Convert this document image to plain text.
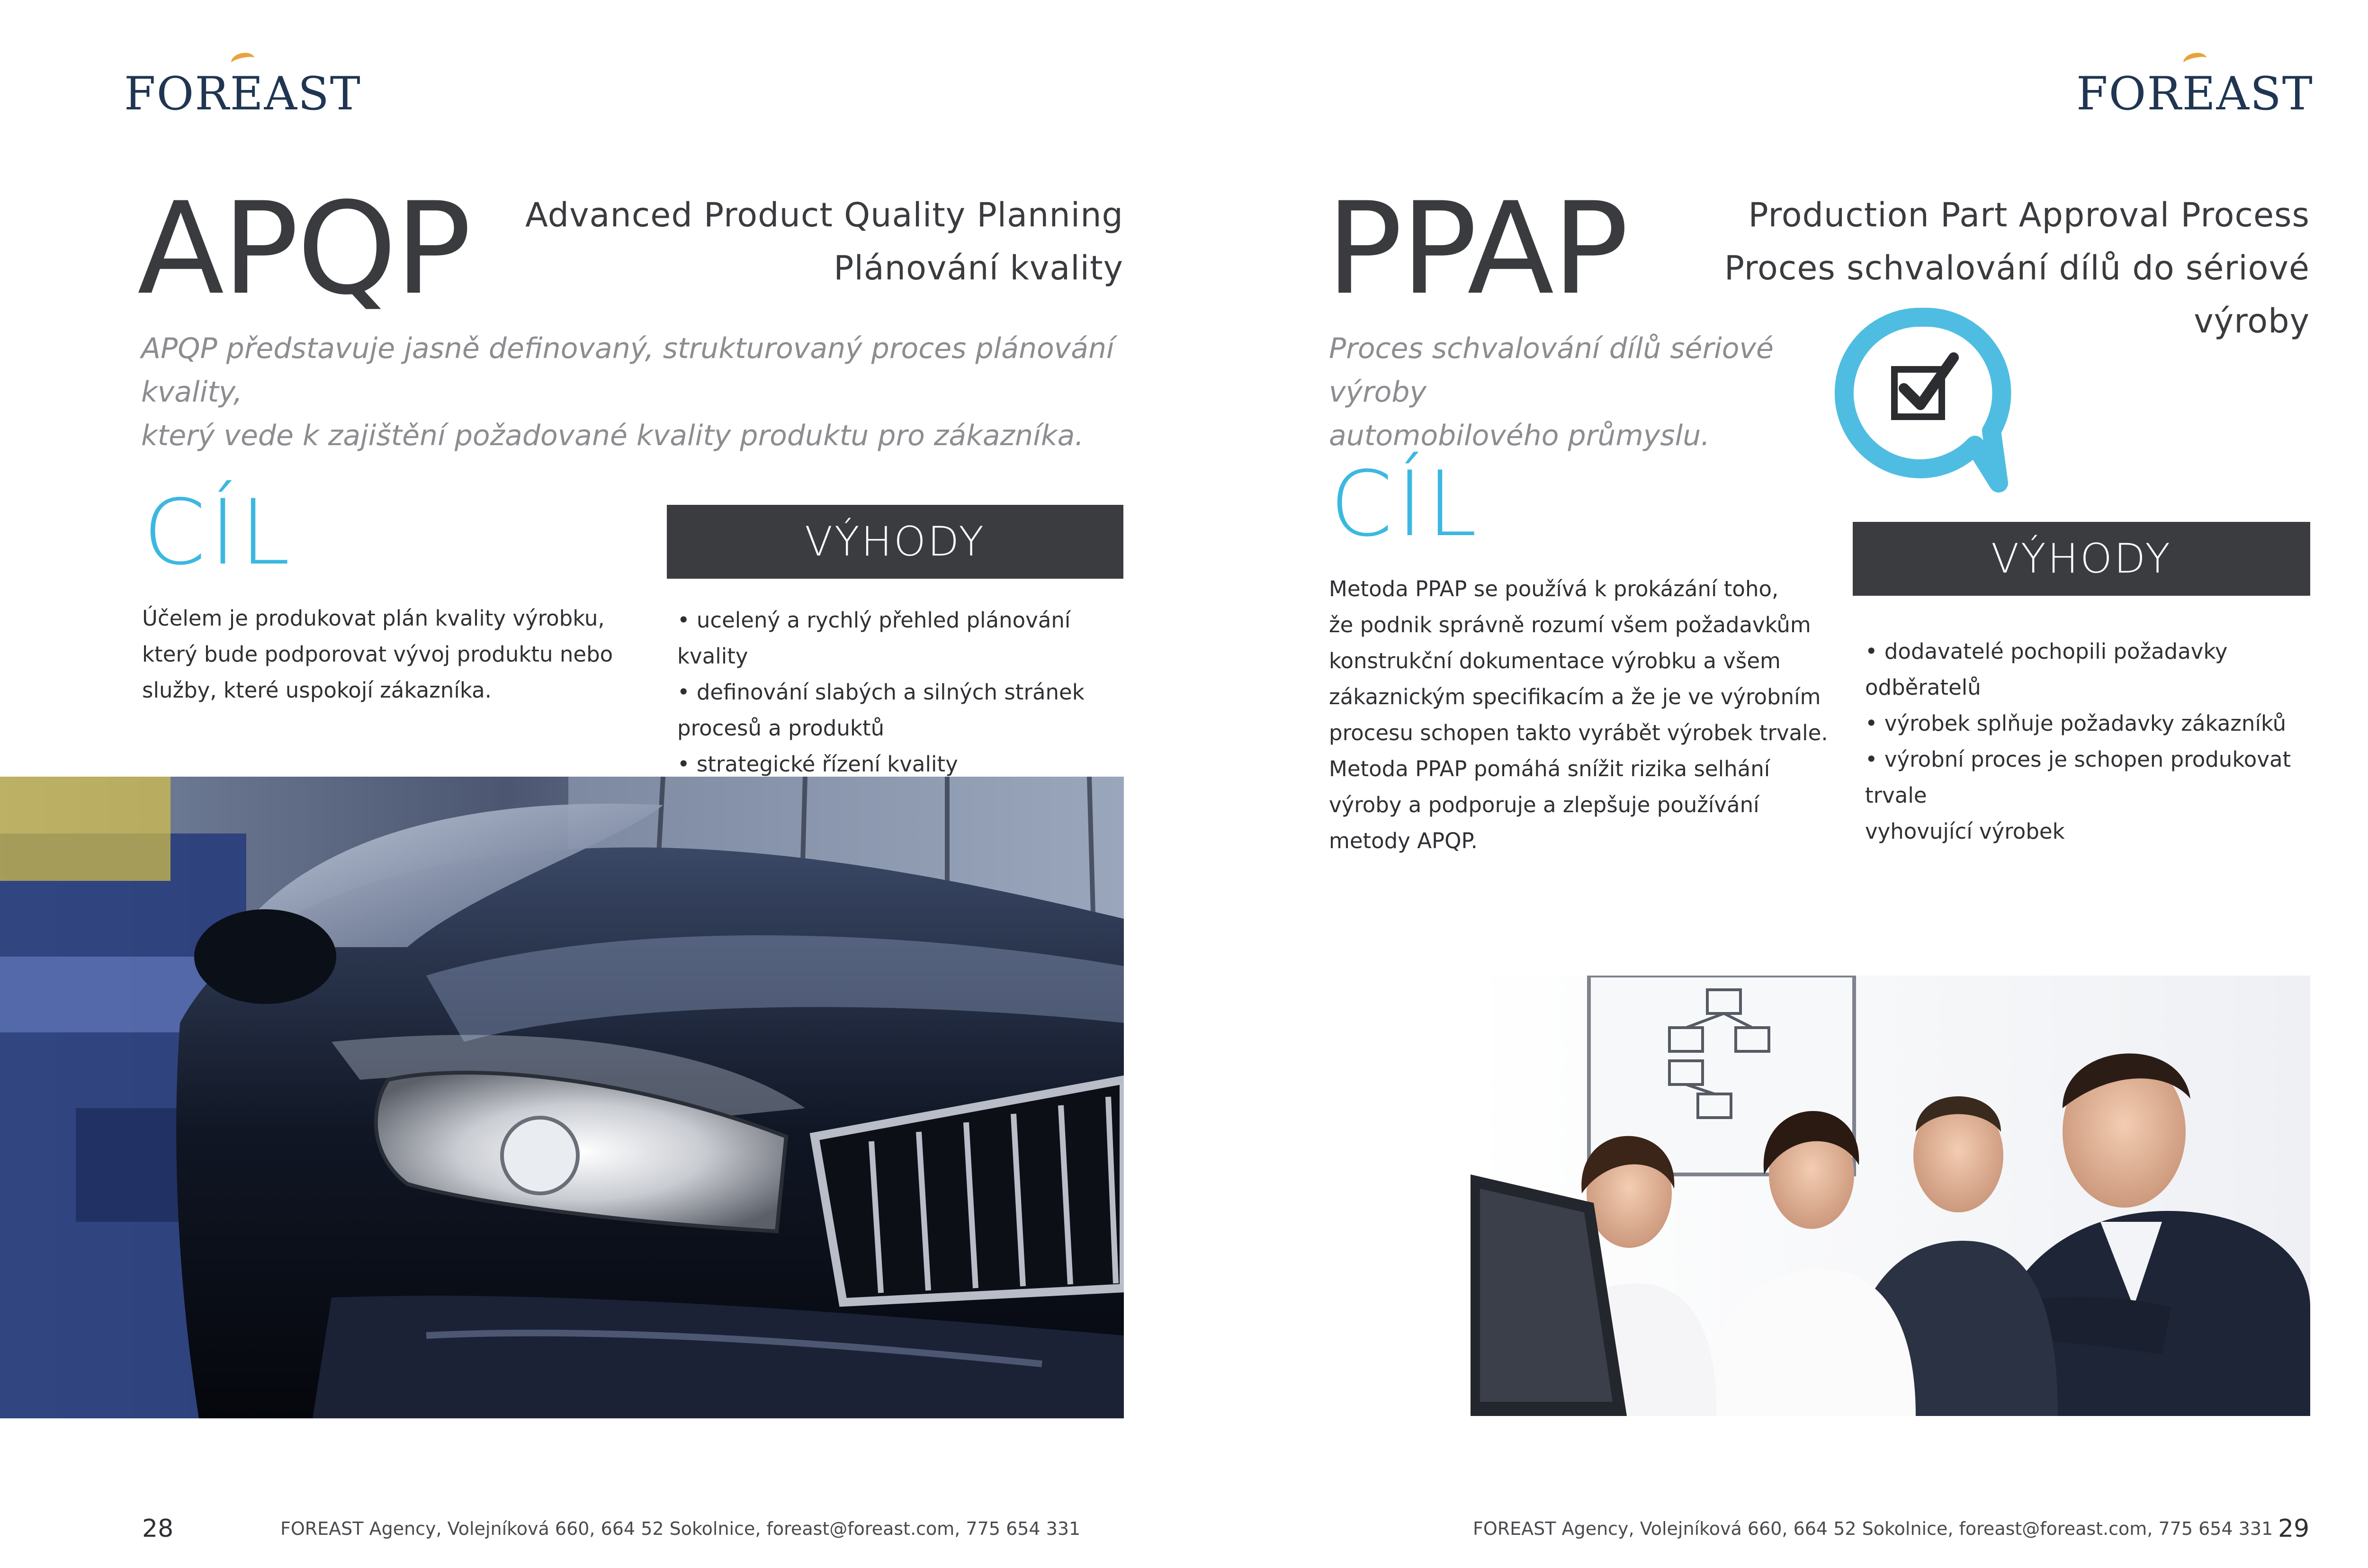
FOREAST
APQP	Advanced Product Quality Planning
Plánování kvality
APQP představuje jasně definovaný, strukturovaný proces plánování kvality,
který vede k zajištění požadované kvality produktu pro zákazníka.
CÍL
Účelem je produkovat plán kvality výrobku,
který bude podporovat vývoj produktu nebo
služby, které uspokojí zákazníka.
VÝHODY
• ucelený a rychlý přehled plánování kvality
• definování slabých a silných stránek
procesů a produktů
• strategické řízení kvality
28	FOREAST Agency, Volejníková 660, 664 52 Sokolnice, foreast@foreast.com, 775 654 331
FOREAST
PPAP	Production Part Approval Process
Proces schvalování dílů do sériové
výroby
Proces schvalování dílů sériové výroby
automobilového průmyslu.
CÍL
Metoda PPAP se používá k prokázání toho,
že podnik správně rozumí všem požadavkům
konstrukční dokumentace výrobku a všem
zákaznickým specifikacím a že je ve výrobním
procesu schopen takto vyrábět výrobek trvale.
Metoda PPAP pomáhá snížit rizika selhání
výroby a podporuje a zlepšuje používání
metody APQP.
VÝHODY
• dodavatelé pochopili požadavky odběratelů
• výrobek splňuje požadavky zákazníků
• výrobní proces je schopen produkovat trvale
vyhovující výrobek
FOREAST Agency, Volejníková 660, 664 52 Sokolnice, foreast@foreast.com, 775 654 331 29
